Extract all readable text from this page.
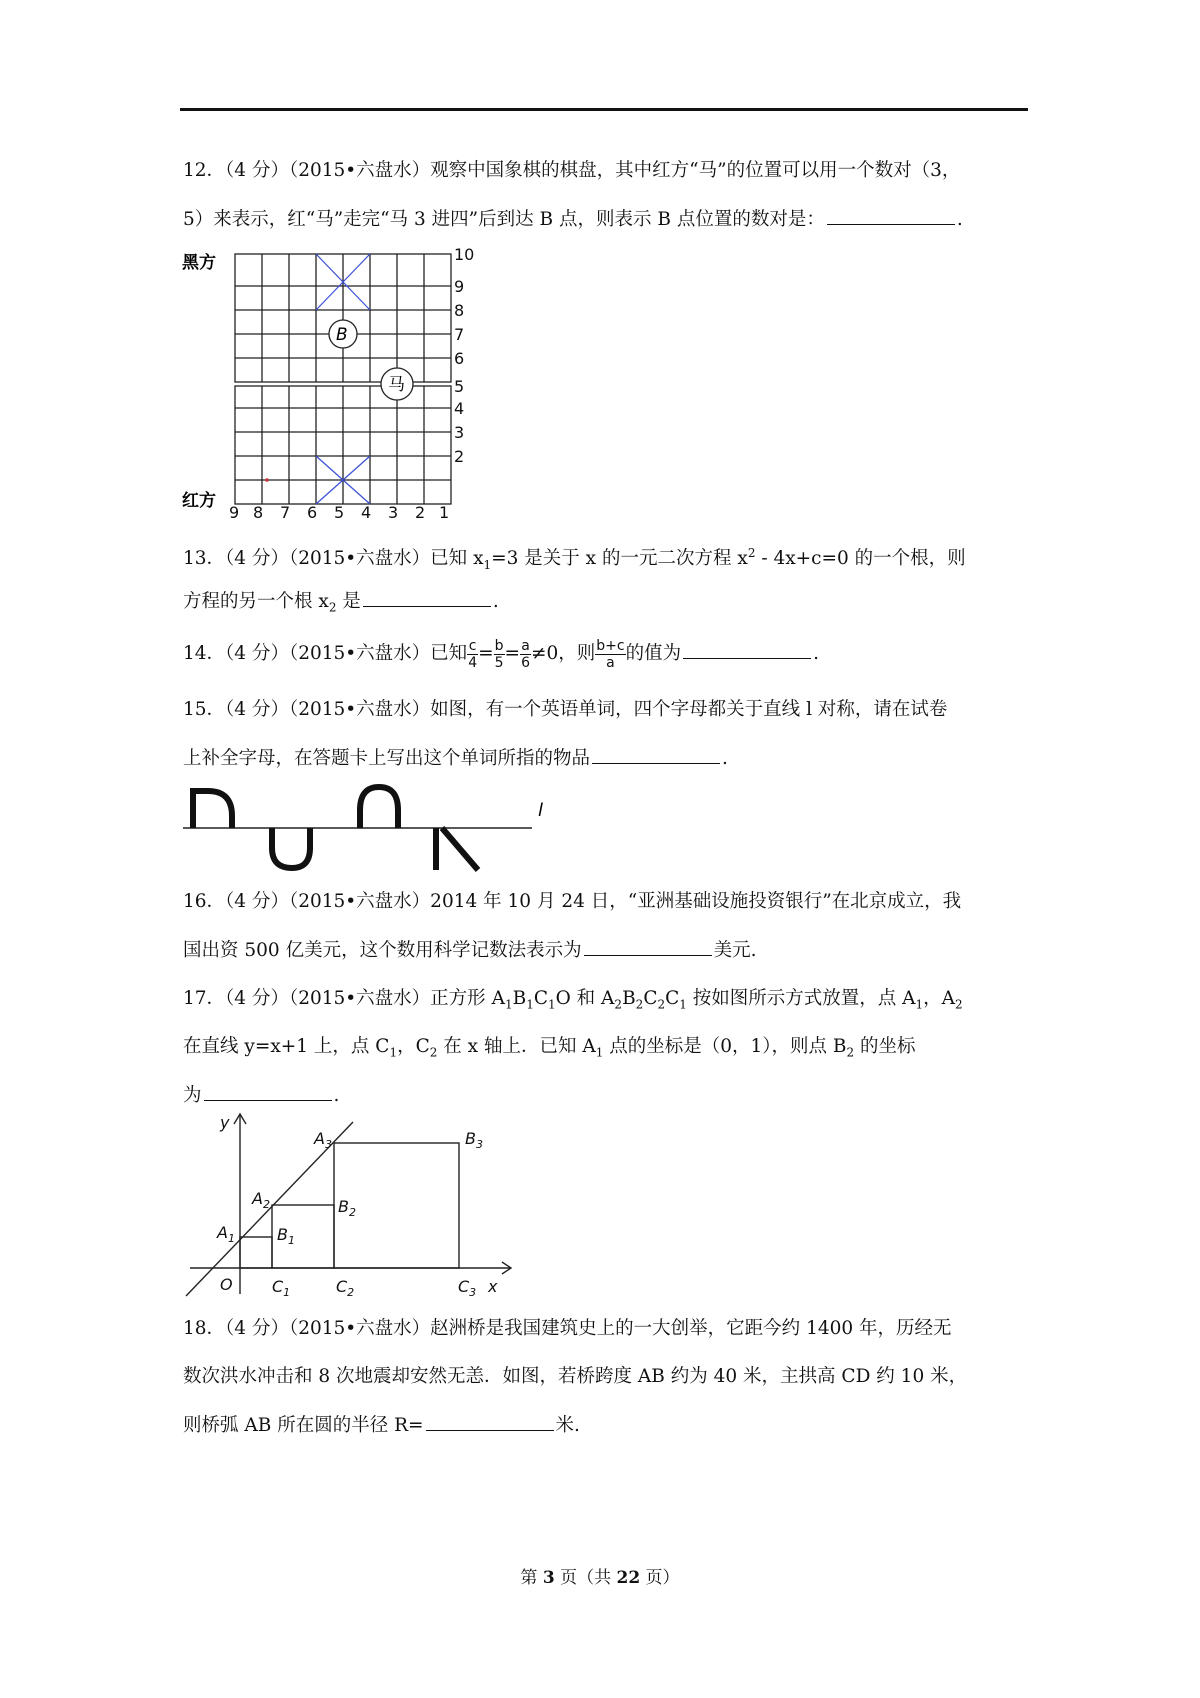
12．（4 分）（2015•六盘水）观察中国象棋的棋盘，其中红方“马”的位置可以用一个数对（3，
5）来表示，红“马”走完“马 3 进四”后到达 B 点，则表示 B 点位置的数对是：	.
黑方
红方
10
9
8
7
6
5
4
3
2
9 8 7 6 5 4 3 2 1
B
马
13．（4 分）（2015•六盘水）已知 $x_1=3$ 是关于 x 的一元二次方程 $x^2 - 4x+c=0$ 的一个根，则
方程的另一个根 $x_2$ 是	.
14．（4 分）（2015•六盘水）已知 $\frac{c}{4} = \frac{b}{5} = \frac{a}{6} \ne 0$，则 $\frac{b+c}{a}$ 的值为	.
15．（4 分）（2015•六盘水）如图，有一个英语单词，四个字母都关于直线 l 对称，请在试卷
上补全字母，在答题卡上写出这个单词所指的物品	.
l
16．（4 分）（2015•六盘水）2014 年 10 月 24 日，“亚洲基础设施投资银行”在北京成立，我
国出资 500 亿美元，这个数用科学记数法表示为	美元.
17．（4 分）（2015•六盘水）正方形 $A_1B_1C_1O$ 和 $A_2B_2C_2C_1$ 按如图所示方式放置，点 $A_1$，$A_2$
在直线 y=x+1 上，点 $C_1$，$C_2$ 在 x 轴上．已知 $A_1$ 点的坐标是（0，1），则点 $B_2$ 的坐标
为	.
y
x
O
$A_1$
$A_2$
$A_3$
$B_1$
$B_2$
$B_3$
$C_1$	$C_2$	$C_3$
18．（4 分）（2015•六盘水）赵洲桥是我国建筑史上的一大创举，它距今约 1400 年，历经无
数次洪水冲击和 8 次地震却安然无恙．如图，若桥跨度 AB 约为 40 米，主拱高 CD 约 10 米，
则桥弧 AB 所在圆的半径 R=	米.
第 3 页（共 22 页）
